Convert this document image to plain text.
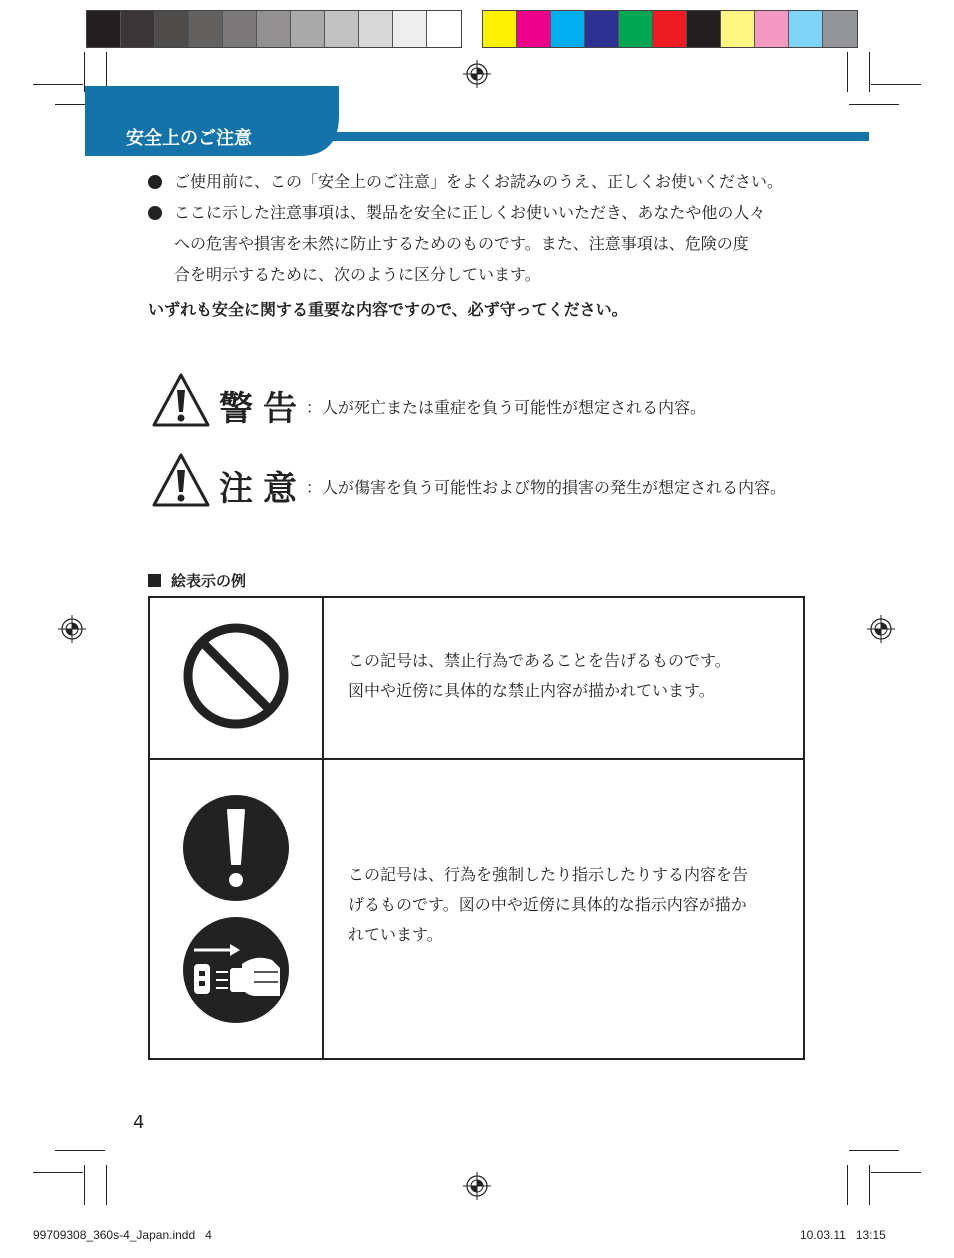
安全上のご注意
ご使用前に、この「安全上のご注意」をよくお読みのうえ、正しくお使いください。
ここに示した注意事項は、製品を安全に正しくお使いいただき、あなたや他の人々
への危害や損害を未然に防止するためのものです。また、注意事項は、危険の度
合を明示するために、次のように区分しています。
いずれも安全に関する重要な内容ですので、必ず守ってください。
警告 ：人が死亡または重症を負う可能性が想定される内容。
注意 ：人が傷害を負う可能性および物的損害の発生が想定される内容。
絵表示の例

この記号は、禁止行為であることを告げるものです。
図中や近傍に具体的な禁止内容が描かれています。

この記号は、行為を強制したり指示したりする内容を告
げるものです。図の中や近傍に具体的な指示内容が描か
れています。
4
99709308_360s-4_Japan.indd   4	10.03.11   13:15
